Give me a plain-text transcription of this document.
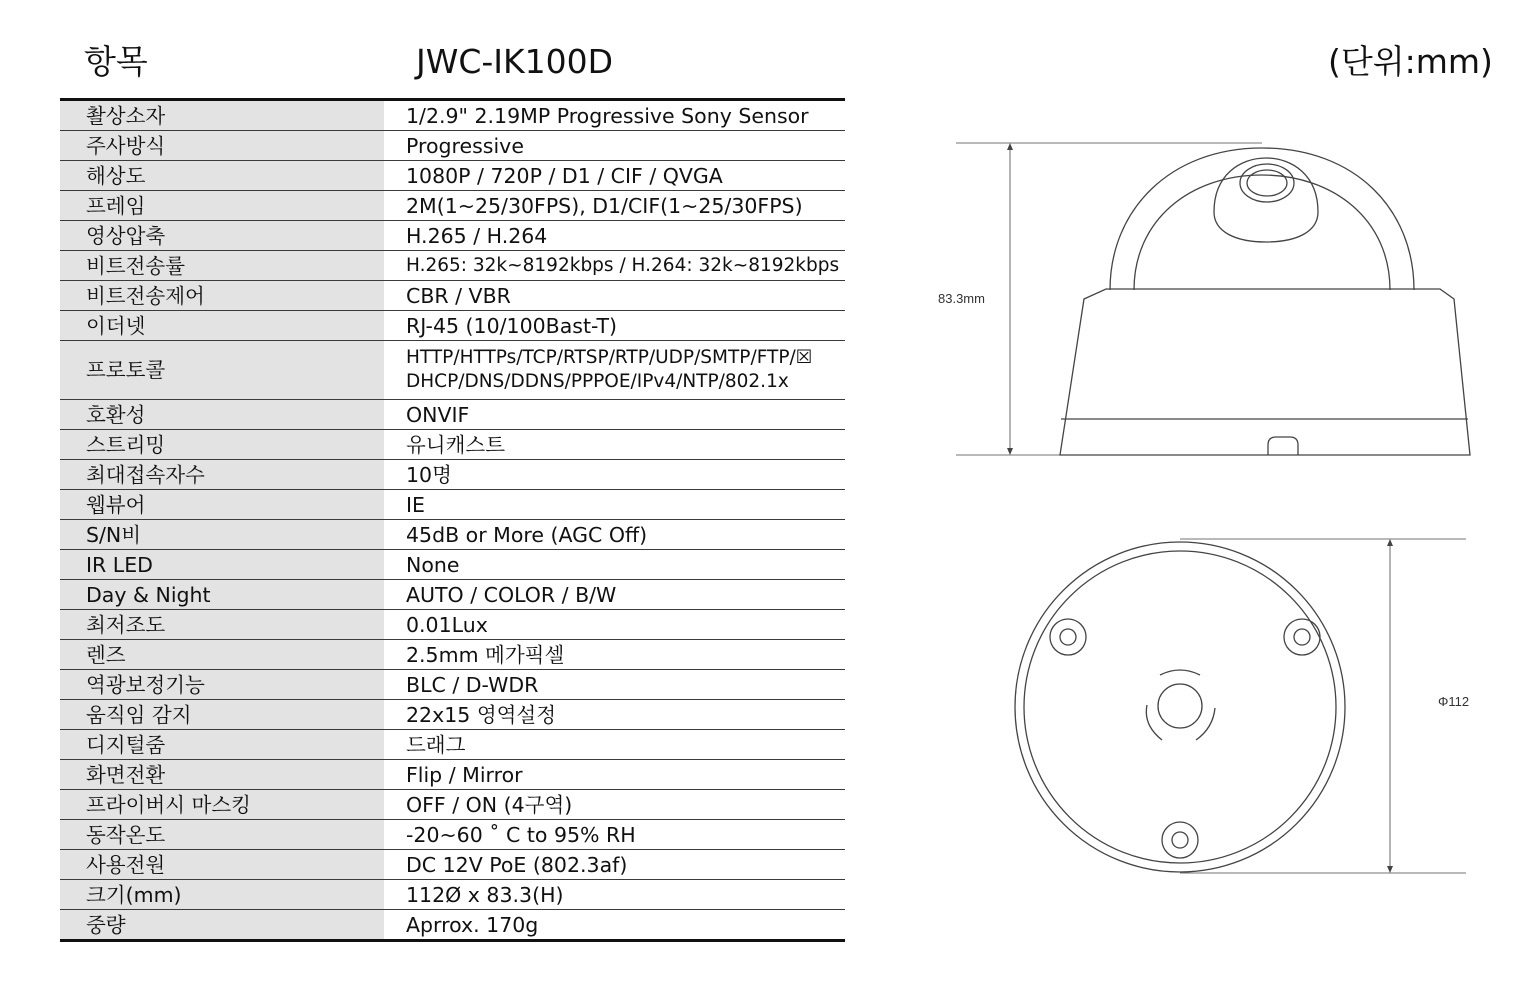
항목	JWC-IK100D	(단위:mm)
촬상소자	1/2.9" 2.19MP Progressive Sony Sensor
주사방식	Progressive
해상도	1080P / 720P / D1 / CIF / QVGA
프레임	2M(1~25/30FPS), D1/CIF(1~25/30FPS)
영상압축	H.265 / H.264
비트전송률	H.265: 32k~8192kbps / H.264: 32k~8192kbps
비트전송제어	CBR / VBR
이더넷	RJ-45 (10/100Bast-T)
프로토콜	HTTP/HTTPs/TCP/RTSP/RTP/UDP/SMTP/FTP/☒
DHCP/DNS/DDNS/PPPOE/IPv4/NTP/802.1x

호환성	ONVIF
스트리밍	유니캐스트
최대접속자수	10명
웹뷰어	IE
S/N비	45dB or More (AGC Off)
IR LED	None
Day & Night	AUTO / COLOR / B/W
최저조도	0.01Lux
렌즈	2.5mm 메가픽셀
역광보정기능	BLC / D-WDR
움직임 감지	22x15 영역설정
디지털줌	드래그
화면전환	Flip / Mirror
프라이버시 마스킹	OFF / ON (4구역)
동작온도	-20~60 ˚ C to 95% RH
사용전원	DC 12V PoE (802.3af)
크기(mm)	112Ø x 83.3(H)
중량	Aprrox. 170g
83.3mm
Φ112
